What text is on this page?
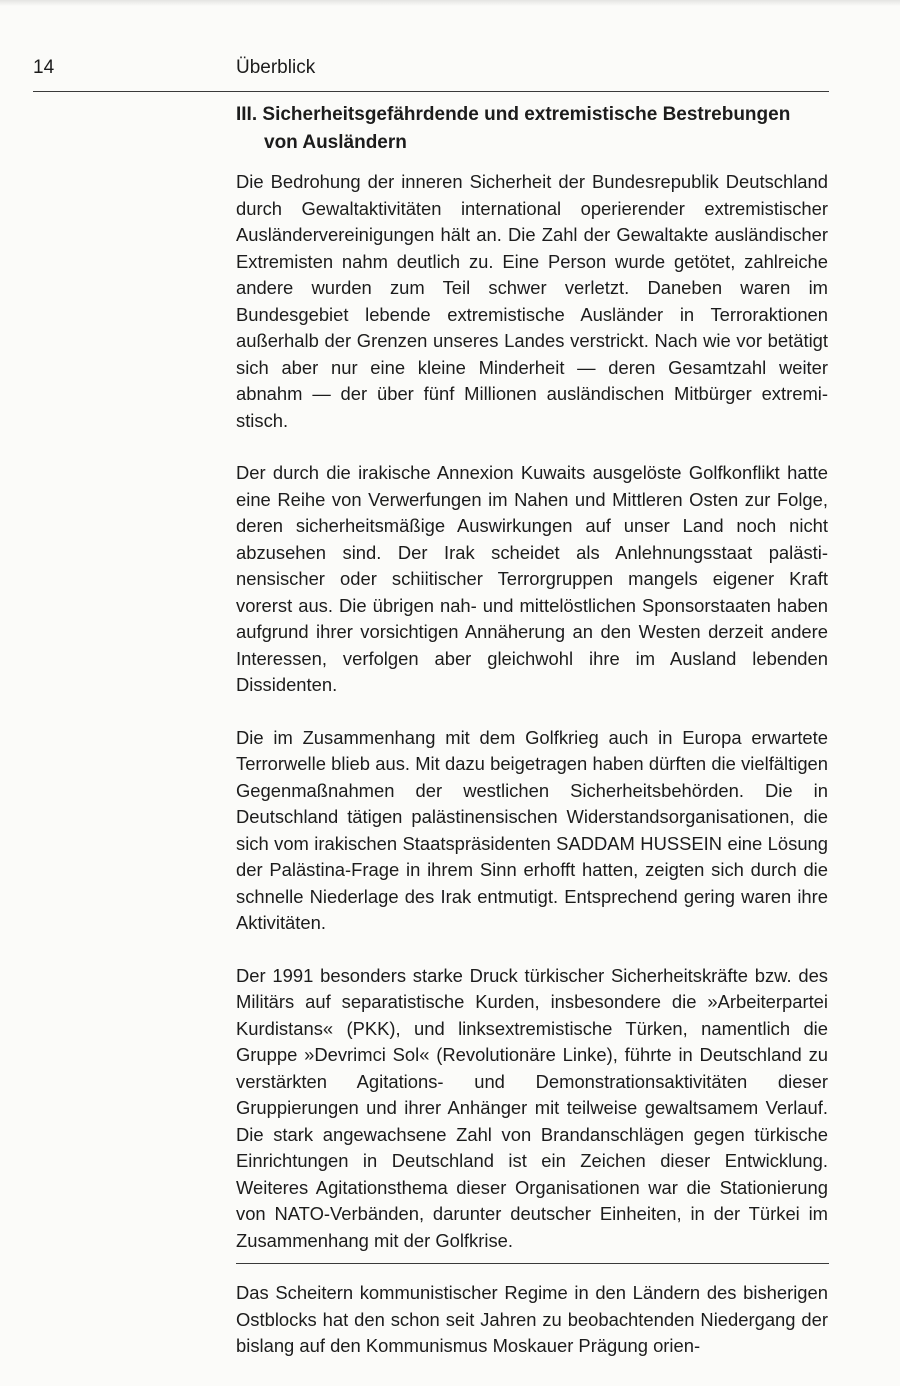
14	Überblick
III. Sicherheitsgefährdende und extremistische Bestrebungen
von Ausländern

Die Bedrohung der inneren Sicherheit der Bundesrepublik Deutschland durch Gewaltaktivitäten international operierender extremistischer Ausländervereinigungen hält an. Die Zahl der Gewaltakte ausländischer Extremisten nahm deutlich zu. Eine Person wurde getötet, zahlreiche andere wurden zum Teil schwer verletzt. Daneben waren im Bundesgebiet lebende extremistische Ausländer in Terroraktionen außerhalb der Grenzen unseres Landes verstrickt. Nach wie vor betätigt sich aber nur eine kleine Minderheit — deren Gesamtzahl weiter abnahm — der über fünf Millionen ausländischen Mitbürger extremistisch.

Der durch die irakische Annexion Kuwaits ausgelöste Golfkonflikt hatte eine Reihe von Verwerfungen im Nahen und Mittleren Osten zur Folge, deren sicherheitsmäßige Auswirkungen auf unser Land noch nicht abzusehen sind. Der Irak scheidet als Anlehnungsstaat palästinensischer oder schiitischer Terrorgruppen mangels eigener Kraft vorerst aus. Die übrigen nah- und mittelöstlichen Sponsorstaaten haben aufgrund ihrer vorsichtigen Annäherung an den Westen derzeit andere Interessen, verfolgen aber gleichwohl ihre im Ausland lebenden Dissidenten.

Die im Zusammenhang mit dem Golfkrieg auch in Europa erwartete Terrorwelle blieb aus. Mit dazu beigetragen haben dürften die vielfältigen Gegenmaßnahmen der westlichen Sicherheitsbehörden. Die in Deutschland tätigen palästinensischen Widerstandsorganisationen, die sich vom irakischen Staatspräsidenten SADDAM HUSSEIN eine Lösung der Palästina-Frage in ihrem Sinn erhofft hatten, zeigten sich durch die schnelle Niederlage des Irak entmutigt. Entsprechend gering waren ihre Aktivitäten.

Der 1991 besonders starke Druck türkischer Sicherheitskräfte bzw. des Militärs auf separatistische Kurden, insbesondere die »Arbeiterpartei Kurdistans« (PKK), und linksextremistische Türken, namentlich die Gruppe »Devrimci Sol« (Revolutionäre Linke), führte in Deutschland zu verstärkten Agitations- und Demonstrationsaktivitäten dieser Gruppierungen und ihrer Anhänger mit teilweise gewaltsamem Verlauf. Die stark angewachsene Zahl von Brandanschlägen gegen türkische Einrichtungen in Deutschland ist ein Zeichen dieser Entwicklung. Weiteres Agitationsthema dieser Organisationen war die Stationierung von NATO-Verbänden, darunter deutscher Einheiten, in der Türkei im Zusammenhang mit der Golfkrise.

Das Scheitern kommunistischer Regime in den Ländern des bisherigen Ostblocks hat den schon seit Jahren zu beobachtenden Niedergang der bislang auf den Kommunismus Moskauer Prägung orien-
